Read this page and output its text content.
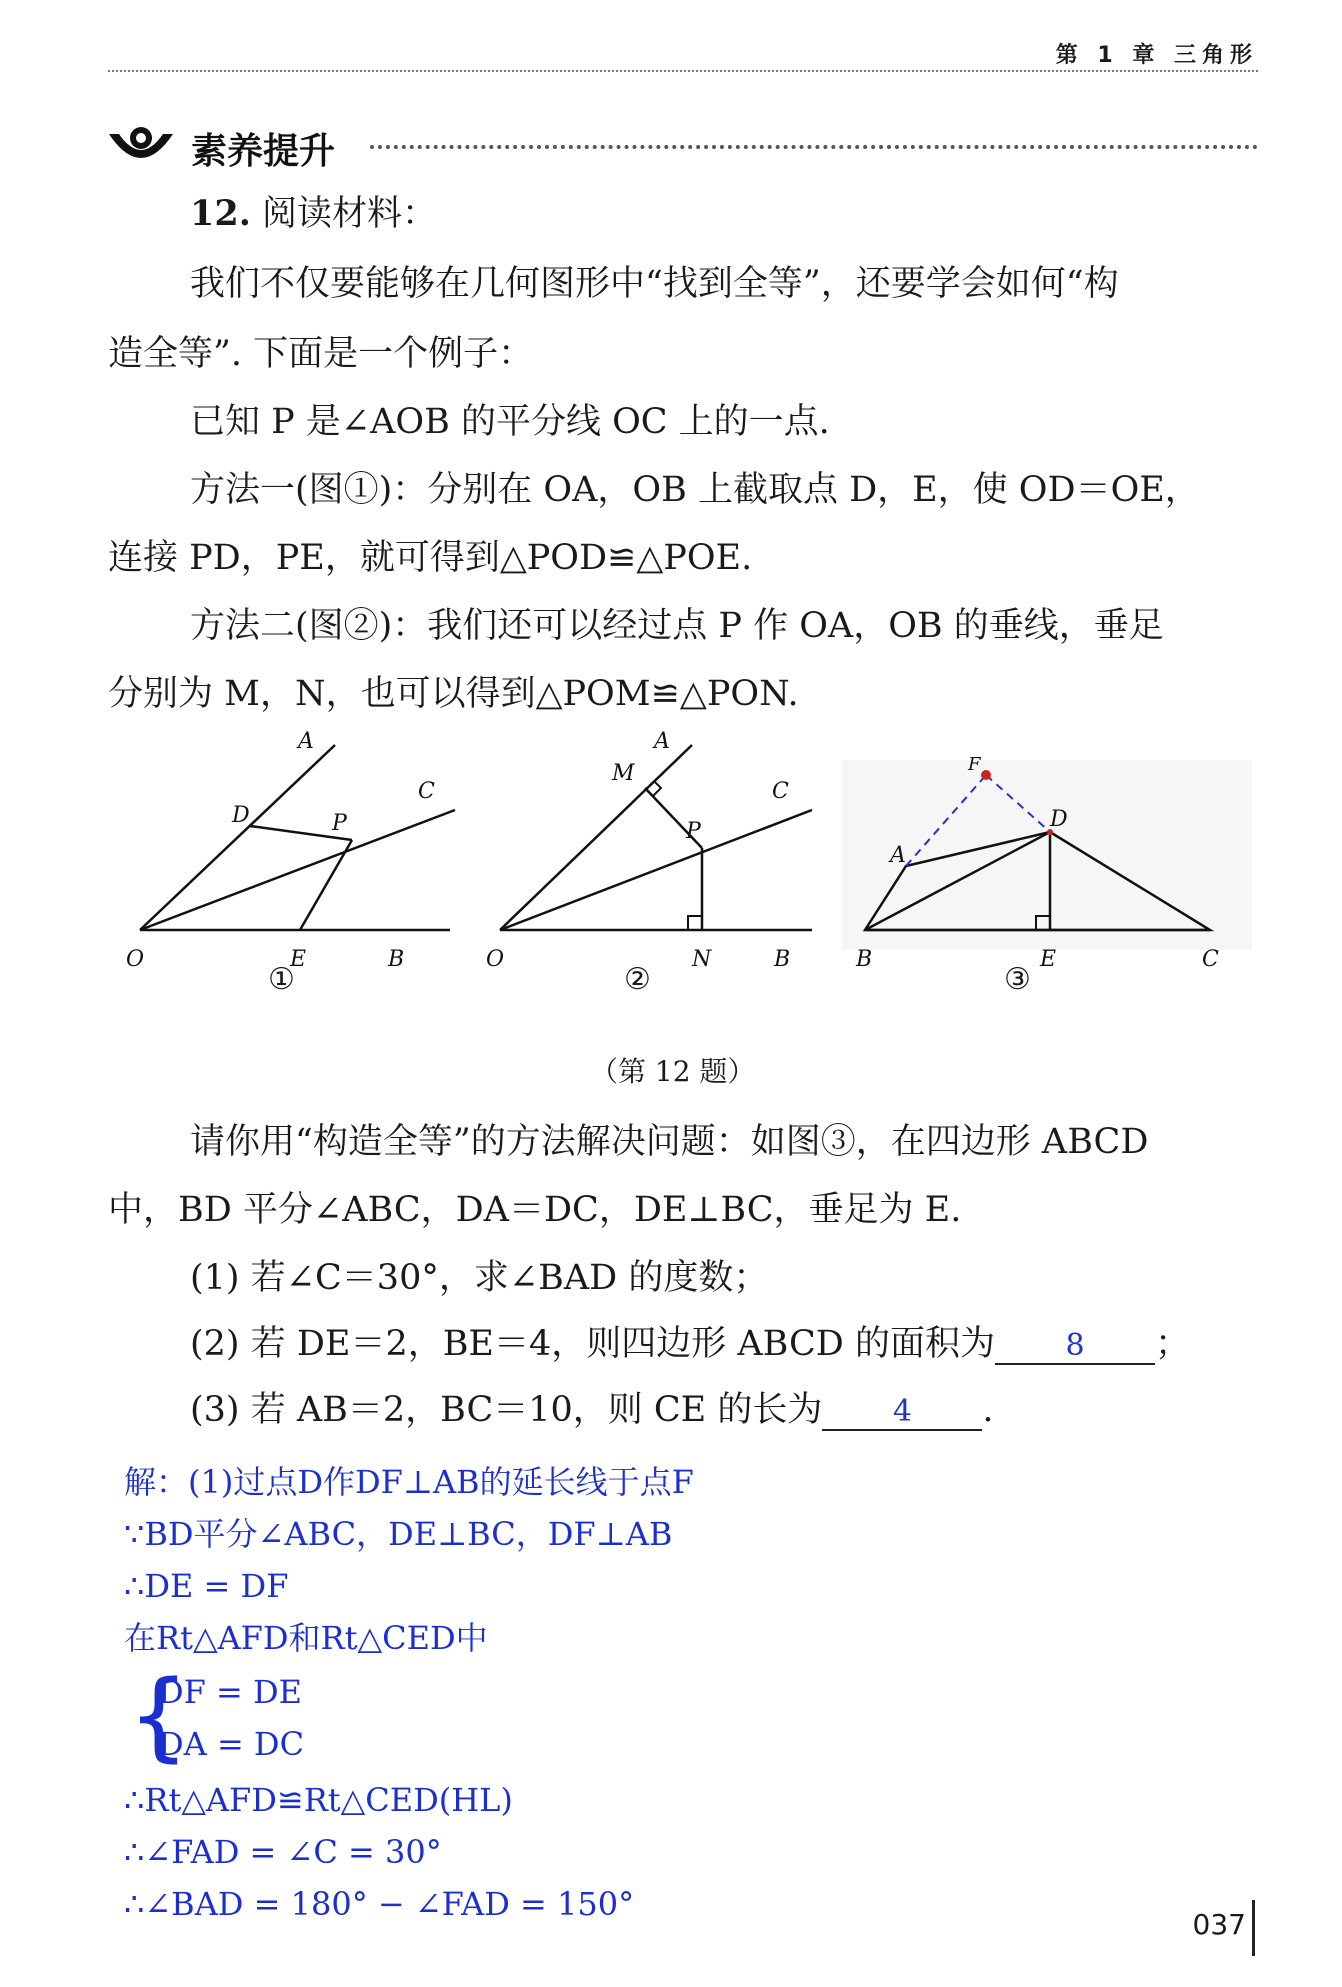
第 1 章 三角形
素养提升
12. 阅读材料：
我们不仅要能够在几何图形中“找到全等”，还要学会如何“构
造全等”. 下面是一个例子：
已知 P 是∠AOB 的平分线 OC 上的一点.
方法一(图①)：分别在 OA，OB 上截取点 D，E，使 OD＝OE，
连接 PD，PE，就可得到△POD≌△POE.
方法二(图②)：我们还可以经过点 P 作 OA，OB 的垂线，垂足
分别为 M，N，也可以得到△POM≌△PON.
A
C
D	P
O	E	B
A
M
C
P
O	N	B
F
D
A
B	E	C
①	②	③
（第 12 题）
请你用“构造全等”的方法解决问题：如图③，在四边形 ABCD
中，BD 平分∠ABC，DA＝DC，DE⊥BC，垂足为 E.
(1) 若∠C＝30°，求∠BAD 的度数；
(2) 若 DE＝2，BE＝4，则四边形 ABCD 的面积为 8 ；
(3) 若 AB＝2，BC＝10，则 CE 的长为 4 .
解：(1)过点D作DF⊥AB的延长线于点F
∵BD平分∠ABC，DE⊥BC，DF⊥AB
∴DE = DF
在Rt△AFD和Rt△CED中
{
DF = DE
DA = DC
∴Rt△AFD≌Rt△CED(HL)
∴∠FAD = ∠C = 30°
∴∠BAD = 180° − ∠FAD = 150°
037
